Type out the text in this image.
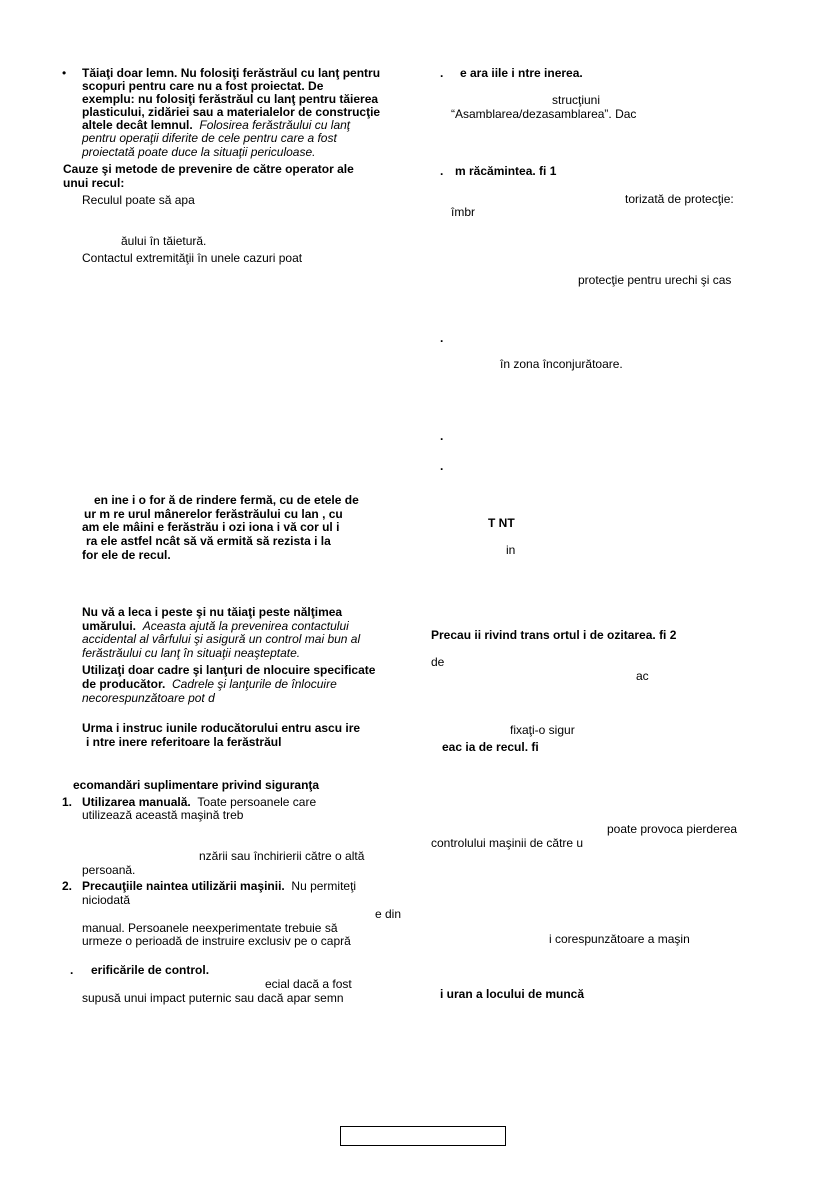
• Tăiaţi doar lemn. Nu folosiţi ferăstrăul cu lanţ pentru
scopuri pentru care nu a fost proiectat. De
exemplu: nu folosiţi ferăstrăul cu lanţ pentru tăierea
plasticului, zidăriei sau a materialelor de construcţie
altele decât lemnul. Folosirea ferăstrăului cu lanţ
pentru operaţii diferite de cele pentru care a fost
proiectată poate duce la situaţii periculoase.
Cauze şi metode de prevenire de către operator ale
unui recul:
Reculul poate să apa
ăului în tăietură.
Contactul extremităţii în unele cazuri poat
en ine i o for ă de rindere fermă, cu de etele de
ur m re urul mânerelor ferăstrăului cu lan , cu
am ele mâini e ferăstrău i ozi iona i vă cor ul i
ra ele astfel ncât să vă ermită să rezista i la
for ele de recul.
Nu vă a leca i peste şi nu tăiaţi peste nălţimea
umărului. Aceasta ajută la prevenirea contactului
accidental al vârfului şi asigură un control mai bun al
ferăstrăului cu lanţ în situaţii neaşteptate.
Utilizaţi doar cadre şi lanţuri de nlocuire specificate
de producător. Cadrele şi lanţurile de înlocuire
necorespunzătoare pot d
Urma i instruc iunile roducătorului entru ascu ire
i ntre inere referitoare la ferăstrăul
ecomandări suplimentare privind siguranţa
1. Utilizarea manuală. Toate persoanele care
utilizează această maşină treb
nzării sau închirierii către o altă
persoană.
2. Precauţiile naintea utilizării maşinii. Nu permiteţi
niciodată
e din
manual. Persoanele neexperimentate trebuie să
urmeze o perioadă de instruire exclusiv pe o capră
. erificările de control.
ecial dacă a fost
supusă unui impact puternic sau dacă apar semn
. e ara iile i ntre inerea.
strucţiuni
“Asamblarea/dezasamblarea”. Dac
. m răcămintea. fi 1
torizată de protecţie:
îmbr
protecţie pentru urechi şi cas
.
în zona înconjurătoare.
.
.
T NT
in
Precau ii rivind trans ortul i de ozitarea. fi 2
de
ac
fixaţi-o sigur
eac ia de recul. fi
poate provoca pierderea
controlului maşinii de către u
i corespunzătoare a maşin
i uran a locului de muncă
